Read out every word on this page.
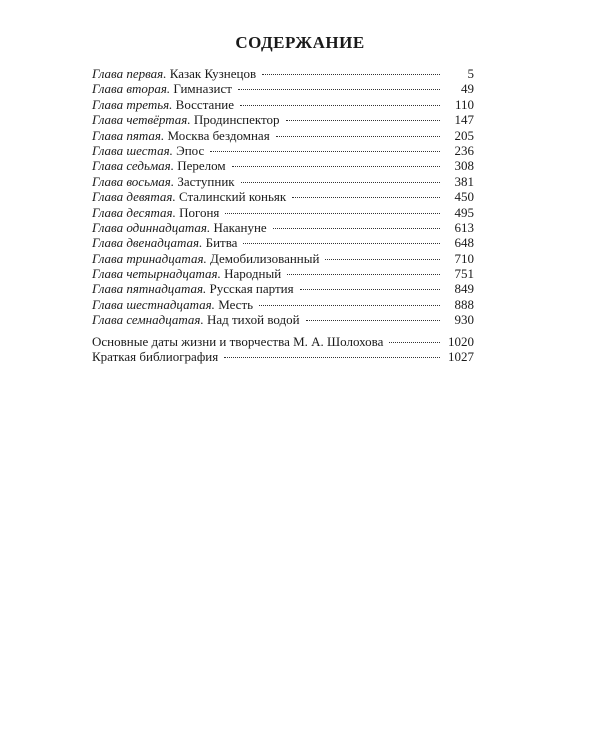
СОДЕРЖАНИЕ
Глава первая. Казак Кузнецов	5
Глава вторая. Гимназист	49
Глава третья. Восстание	110
Глава четвёртая. Продинспектор	147
Глава пятая. Москва бездомная	205
Глава шестая. Эпос	236
Глава седьмая. Перелом	308
Глава восьмая. Заступник	381
Глава девятая. Сталинский коньяк	450
Глава десятая. Погоня	495
Глава одиннадцатая. Накануне	613
Глава двенадцатая. Битва	648
Глава тринадцатая. Демобилизованный	710
Глава четырнадцатая. Народный	751
Глава пятнадцатая. Русская партия	849
Глава шестнадцатая. Месть	888
Глава семнадцатая. Над тихой водой	930
Основные даты жизни и творчества М. А. Шолохова	1020
Краткая библиография	1027
